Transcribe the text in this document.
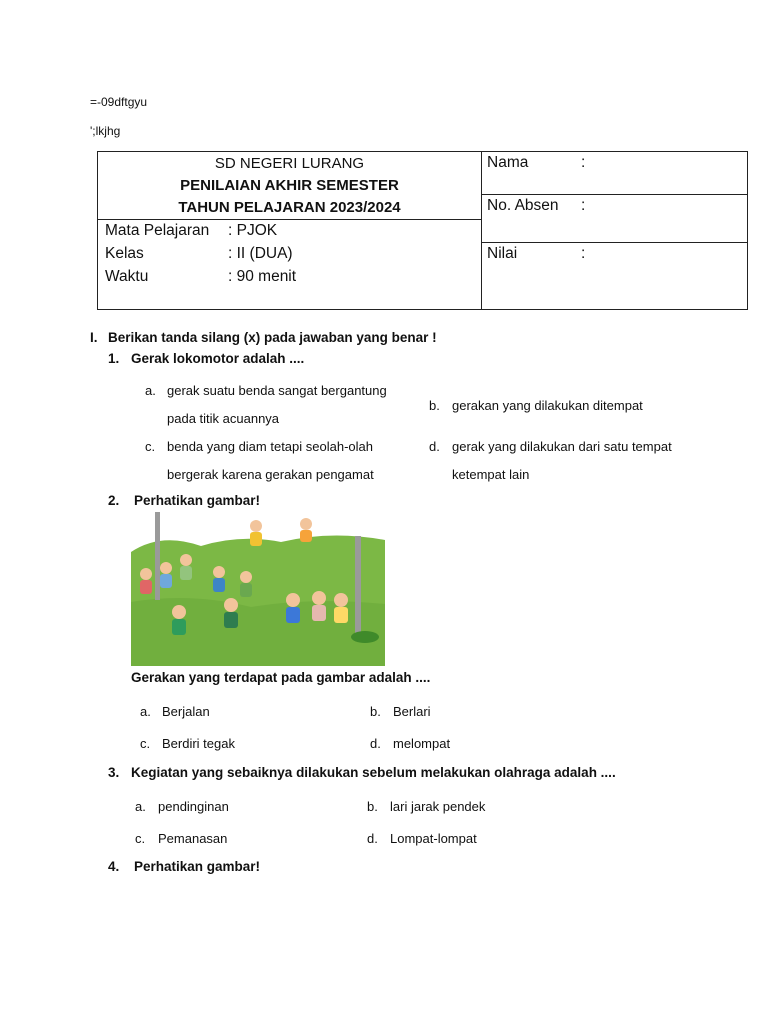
=-09dftgyu
';lkjhg
SD NEGERI LURANG
PENILAIAN AKHIR SEMESTER
TAHUN PELAJARAN 2023/2024
Mata Pelajaran : PJOK
Kelas	: II (DUA)
Waktu	: 90 menit
Nama	:
No. Absen :
Nilai	:
I. Berikan tanda silang (x) pada jawaban yang benar !
1. Gerak lokomotor adalah ....
a. gerak suatu benda sangat bergantung
pada titik acuannya
b. gerakan yang dilakukan ditempat
c. benda yang diam tetapi seolah-olah
bergerak karena gerakan pengamat
d. gerak yang dilakukan dari satu tempat
ketempat lain
2. Perhatikan gambar!
Gerakan yang terdapat pada gambar adalah ....
a. Berjalan	b. Berlari
c. Berdiri tegak	d. melompat
3. Kegiatan yang sebaiknya dilakukan sebelum melakukan olahraga adalah ....
a. pendinginan	b. lari jarak pendek
c. Pemanasan	d. Lompat-lompat
4. Perhatikan gambar!
